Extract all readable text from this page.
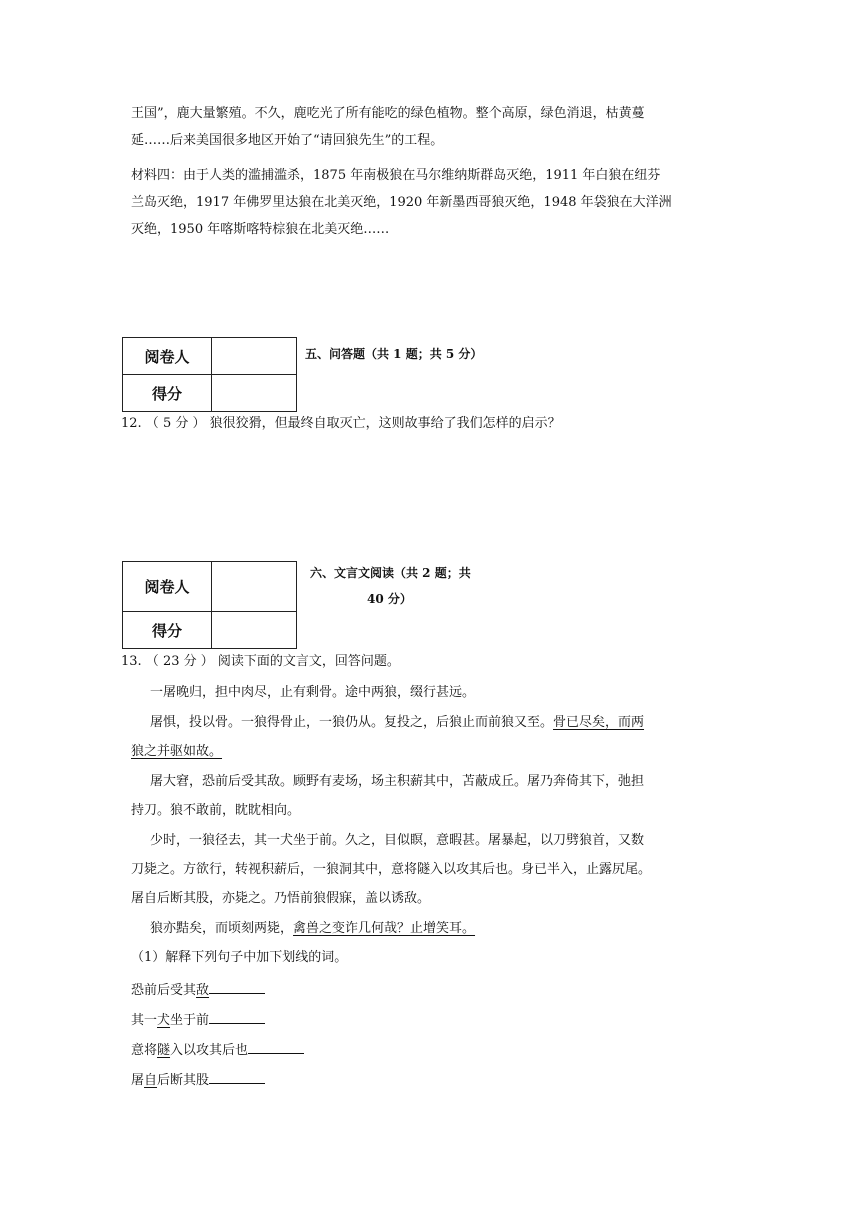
王国”，鹿大量繁殖。不久，鹿吃光了所有能吃的绿色植物。整个高原，绿色消退，枯黄蔓
延……后来美国很多地区开始了“请回狼先生”的工程。
材料四：由于人类的滥捕滥杀，1875 年南极狼在马尔维纳斯群岛灭绝，1911 年白狼在纽芬
兰岛灭绝，1917 年佛罗里达狼在北美灭绝，1920 年新墨西哥狼灭绝，1948 年袋狼在大洋洲
灭绝，1950 年喀斯喀特棕狼在北美灭绝……
阅卷人	
得分	
五、问答题（共 1 题；共 5 分）
12. （ 5 分 ） 狼很狡猾，但最终自取灭亡，这则故事给了我们怎样的启示？
阅卷人	
得分	
六、文言文阅读（共 2 题；共
40 分）
13. （ 23 分 ） 阅读下面的文言文，回答问题。
一屠晚归，担中肉尽，止有剩骨。途中两狼，缀行甚远。
屠惧，投以骨。一狼得骨止，一狼仍从。复投之，后狼止而前狼又至。骨已尽矣，而两
狼之并驱如故。
屠大窘，恐前后受其敌。顾野有麦场，场主积薪其中，苫蔽成丘。屠乃奔倚其下，弛担
持刀。狼不敢前，眈眈相向。
少时，一狼径去，其一犬坐于前。久之，目似瞑，意暇甚。屠暴起，以刀劈狼首，又数
刀毙之。方欲行，转视积薪后，一狼洞其中，意将隧入以攻其后也。身已半入，止露尻尾。
屠自后断其股，亦毙之。乃悟前狼假寐，盖以诱敌。
狼亦黠矣，而顷刻两毙，禽兽之变诈几何哉？止增笑耳。
（1）解释下列句子中加下划线的词。
恐前后受其敌
其一犬坐于前
意将隧入以攻其后也
屠自后断其股
